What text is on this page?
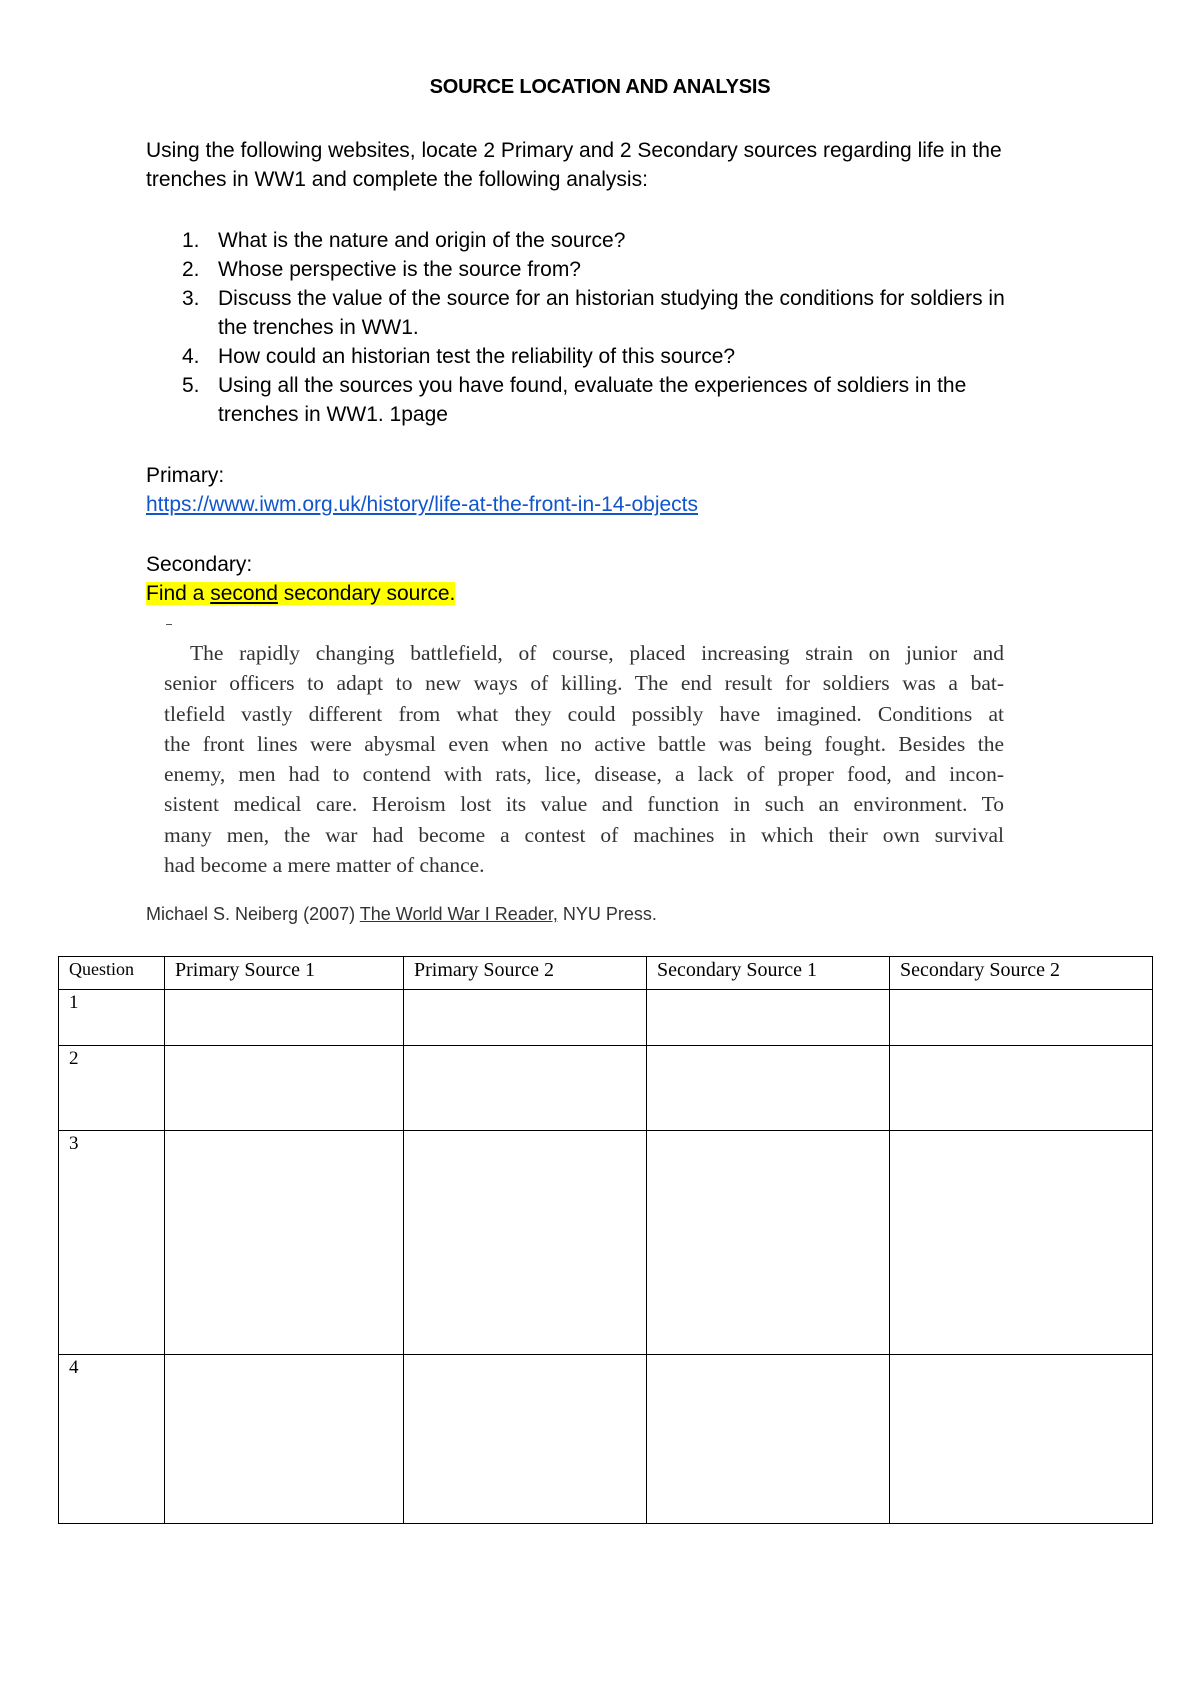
SOURCE LOCATION AND ANALYSIS
Using the following websites, locate 2 Primary and 2 Secondary sources regarding life in the
trenches in WW1 and complete the following analysis:
1. What is the nature and origin of the source?
2. Whose perspective is the source from?
3. Discuss the value of the source for an historian studying the conditions for soldiers in
the trenches in WW1.
4. How could an historian test the reliability of this source?
5. Using all the sources you have found, evaluate the experiences of soldiers in the
trenches in WW1. 1page
Primary:
https://www.iwm.org.uk/history/life-at-the-front-in-14-objects
Secondary:
Find a second secondary source.
The rapidly changing battlefield, of course, placed increasing strain on junior and
senior officers to adapt to new ways of killing. The end result for soldiers was a bat-
tlefield vastly different from what they could possibly have imagined. Conditions at
the front lines were abysmal even when no active battle was being fought. Besides the
enemy, men had to contend with rats, lice, disease, a lack of proper food, and incon-
sistent medical care. Heroism lost its value and function in such an environment. To
many men, the war had become a contest of machines in which their own survival
had become a mere matter of chance.
Michael S. Neiberg (2007) The World War I Reader, NYU Press.
Question	Primary Source 1	Primary Source 2	Secondary Source 1	Secondary Source 2
1				
2				
3				
4				
